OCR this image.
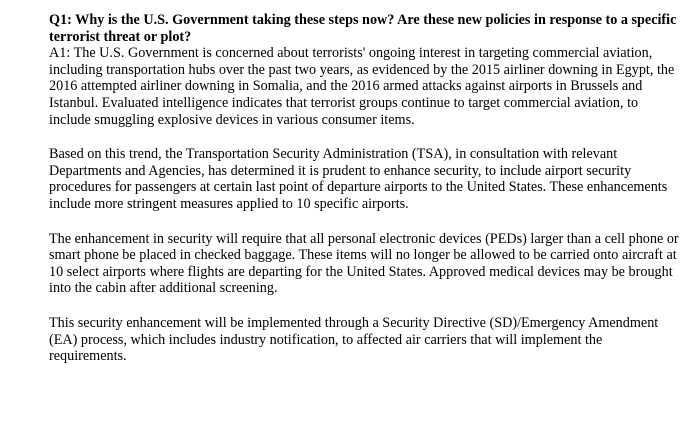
Q1: Why is the U.S. Government taking these steps now? Are these new policies in response to a specific terrorist threat or plot?

A1: The U.S. Government is concerned about terrorists' ongoing interest in targeting commercial aviation, including transportation hubs over the past two years, as evidenced by the 2015 airliner downing in Egypt, the 2016 attempted airliner downing in Somalia, and the 2016 armed attacks against airports in Brussels and Istanbul. Evaluated intelligence indicates that terrorist groups continue to target commercial aviation, to include smuggling explosive devices in various consumer items.

Based on this trend, the Transportation Security Administration (TSA), in consultation with relevant Departments and Agencies, has determined it is prudent to enhance security, to include airport security procedures for passengers at certain last point of departure airports to the United States. These enhancements include more stringent measures applied to 10 specific airports.

The enhancement in security will require that all personal electronic devices (PEDs) larger than a cell phone or smart phone be placed in checked baggage. These items will no longer be allowed to be carried onto aircraft at 10 select airports where flights are departing for the United States. Approved medical devices may be brought into the cabin after additional screening.

This security enhancement will be implemented through a Security Directive (SD)/Emergency Amendment (EA) process, which includes industry notification, to affected air carriers that will implement the requirements.
